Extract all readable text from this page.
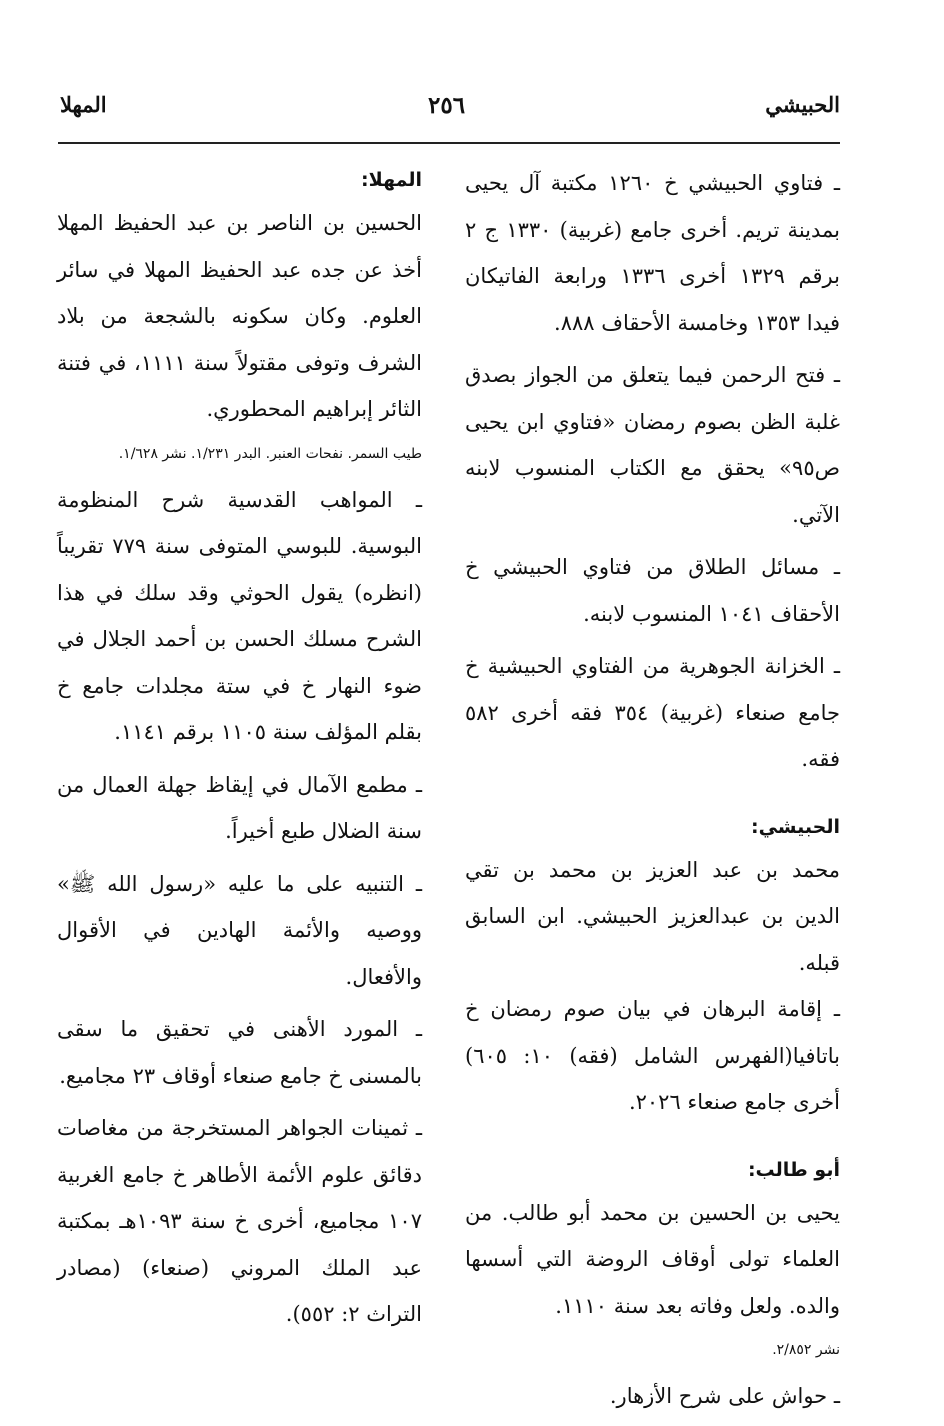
الحبيشي
٢٥٦
المهلا

ـ فتاوي الحبيشي خ ١٢٦٠ مكتبة آل يحيى بمدينة تريم. أخرى جامع (غربية) ١٣٣٠ ج ٢ برقم ١٣٢٩ أخرى ١٣٣٦ ورابعة الفاتيكان فيدا ١٣٥٣ وخامسة الأحقاف ٨٨٨.

ـ فتح الرحمن فيما يتعلق من الجواز بصدق غلبة الظن بصوم رمضان «فتاوي ابن يحيى ص٩٥» يحقق مع الكتاب المنسوب لابنه الآتي.

ـ مسائل الطلاق من فتاوي الحبيشي خ الأحقاف ١٠٤١ المنسوب لابنه.

ـ الخزانة الجوهرية من الفتاوي الحبيشية خ جامع صنعاء (غربية) ٣٥٤ فقه أخرى ٥٨٢ فقه.

الحبيشي:

محمد بن عبد العزيز بن محمد بن تقي الدين بن عبدالعزيز الحبيشي. ابن السابق قبله.

ـ إقامة البرهان في بيان صوم رمضان خ باتافيا(الفهرس الشامل (فقه) ١٠: ٦٠٥) أخرى جامع صنعاء ٢٠٢٦.

أبو طالب:

يحيى بن الحسين بن محمد أبو طالب. من العلماء تولى أوقاف الروضة التي أسسها والده. ولعل وفاته بعد سنة ١١١٠.

نشر ٢/٨٥٢.

ـ حواش على شرح الأزهار.

المهلا:

الحسين بن الناصر بن عبد الحفيظ المهلا أخذ عن جده عبد الحفيظ المهلا في سائر العلوم. وكان سكونه بالشجعة من بلاد الشرف وتوفى مقتولاً سنة ١١١١، في فتنة الثائر إبراهيم المحطوري.

طيب السمر. نفحات العنبر. البدر ١/٢٣١. نشر ١/٦٢٨.

ـ المواهب القدسية شرح المنظومة البوسية. للبوسي المتوفى سنة ٧٧٩ تقريباً (انظره) يقول الحوثي وقد سلك في هذا الشرح مسلك الحسن بن أحمد الجلال في ضوء النهار خ في ستة مجلدات جامع خ بقلم المؤلف سنة ١١٠٥ برقم ١١٤١.

ـ مطمع الآمال في إيقاظ جهلة العمال من سنة الضلال طبع أخيراً.

ـ التنبيه على ما عليه «رسول الله ﷺ» ووصيه والأئمة الهادين في الأقوال والأفعال.

ـ المورد الأهنى في تحقيق ما سقى بالمسنى خ جامع صنعاء أوقاف ٢٣ مجاميع.

ـ ثمينات الجواهر المستخرجة من مغاصات دقائق علوم الأئمة الأطاهر خ جامع الغربية ١٠٧ مجاميع، أخرى خ سنة ١٠٩٣هـ بمكتبة عبد الملك المروني (صنعاء) (مصادر التراث ٢: ٥٥٢).
